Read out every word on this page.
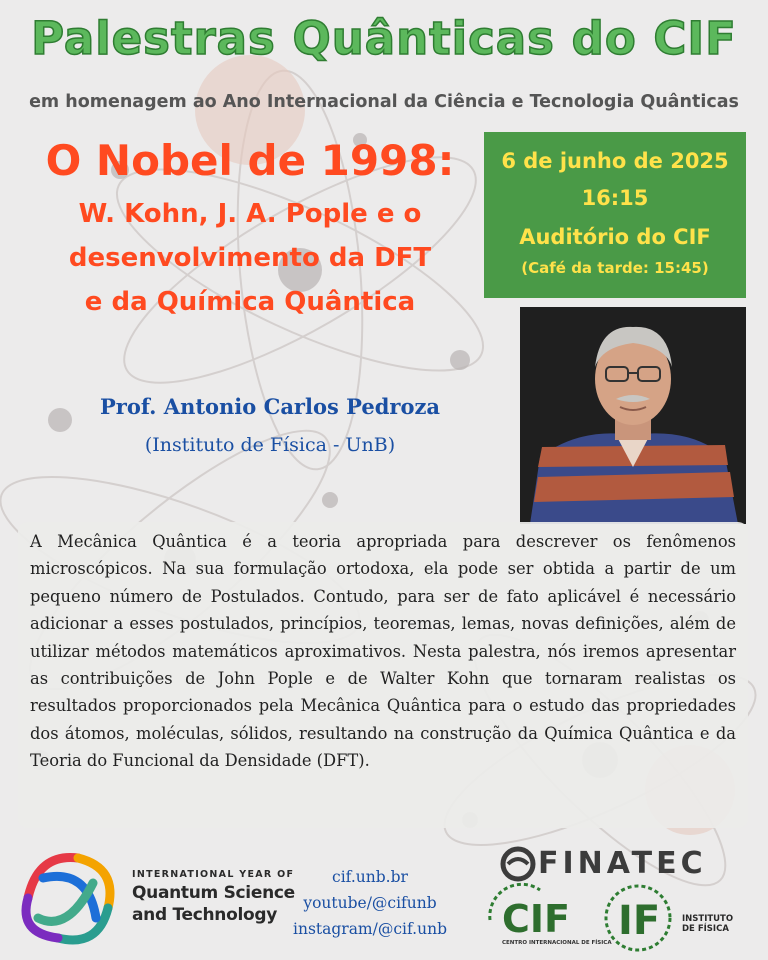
Palestras Quânticas do CIF
em homenagem ao Ano Internacional da Ciência e Tecnologia Quânticas
O Nobel de 1998:
W. Kohn, J. A. Pople e o
desenvolvimento da DFT
e da Química Quântica
6 de junho de 2025
16:15
Auditório do CIF
(Café da tarde: 15:45)
Prof. Antonio Carlos Pedroza
(Instituto de Física - UnB)

A Mecânica Quântica é a teoria apropriada para descrever os fenômenos microscópicos. Na sua formulação ortodoxa, ela pode ser obtida a partir de um pequeno número de Postulados. Contudo, para ser de fato aplicável é necessário adicionar a esses postulados, princípios, teoremas, lemas, novas definições, além de utilizar métodos matemáticos aproximativos. Nesta palestra, nós iremos apresentar as contribuições de John Pople e de Walter Kohn que tornaram realistas os resultados proporcionados pela Mecânica Quântica para o estudo das propriedades dos átomos, moléculas, sólidos, resultando na construção da Química Quântica e da Teoria do Funcional da Densidade (DFT).

INTERNATIONAL YEAR OF
Quantum Science
and Technology
cif.unb.br
youtube/@cifunb
instagram/@cif.unb
FINATEC
CIF
CENTRO INTERNACIONAL DE FÍSICA IF	INSTITUTO
DE FÍSICA
